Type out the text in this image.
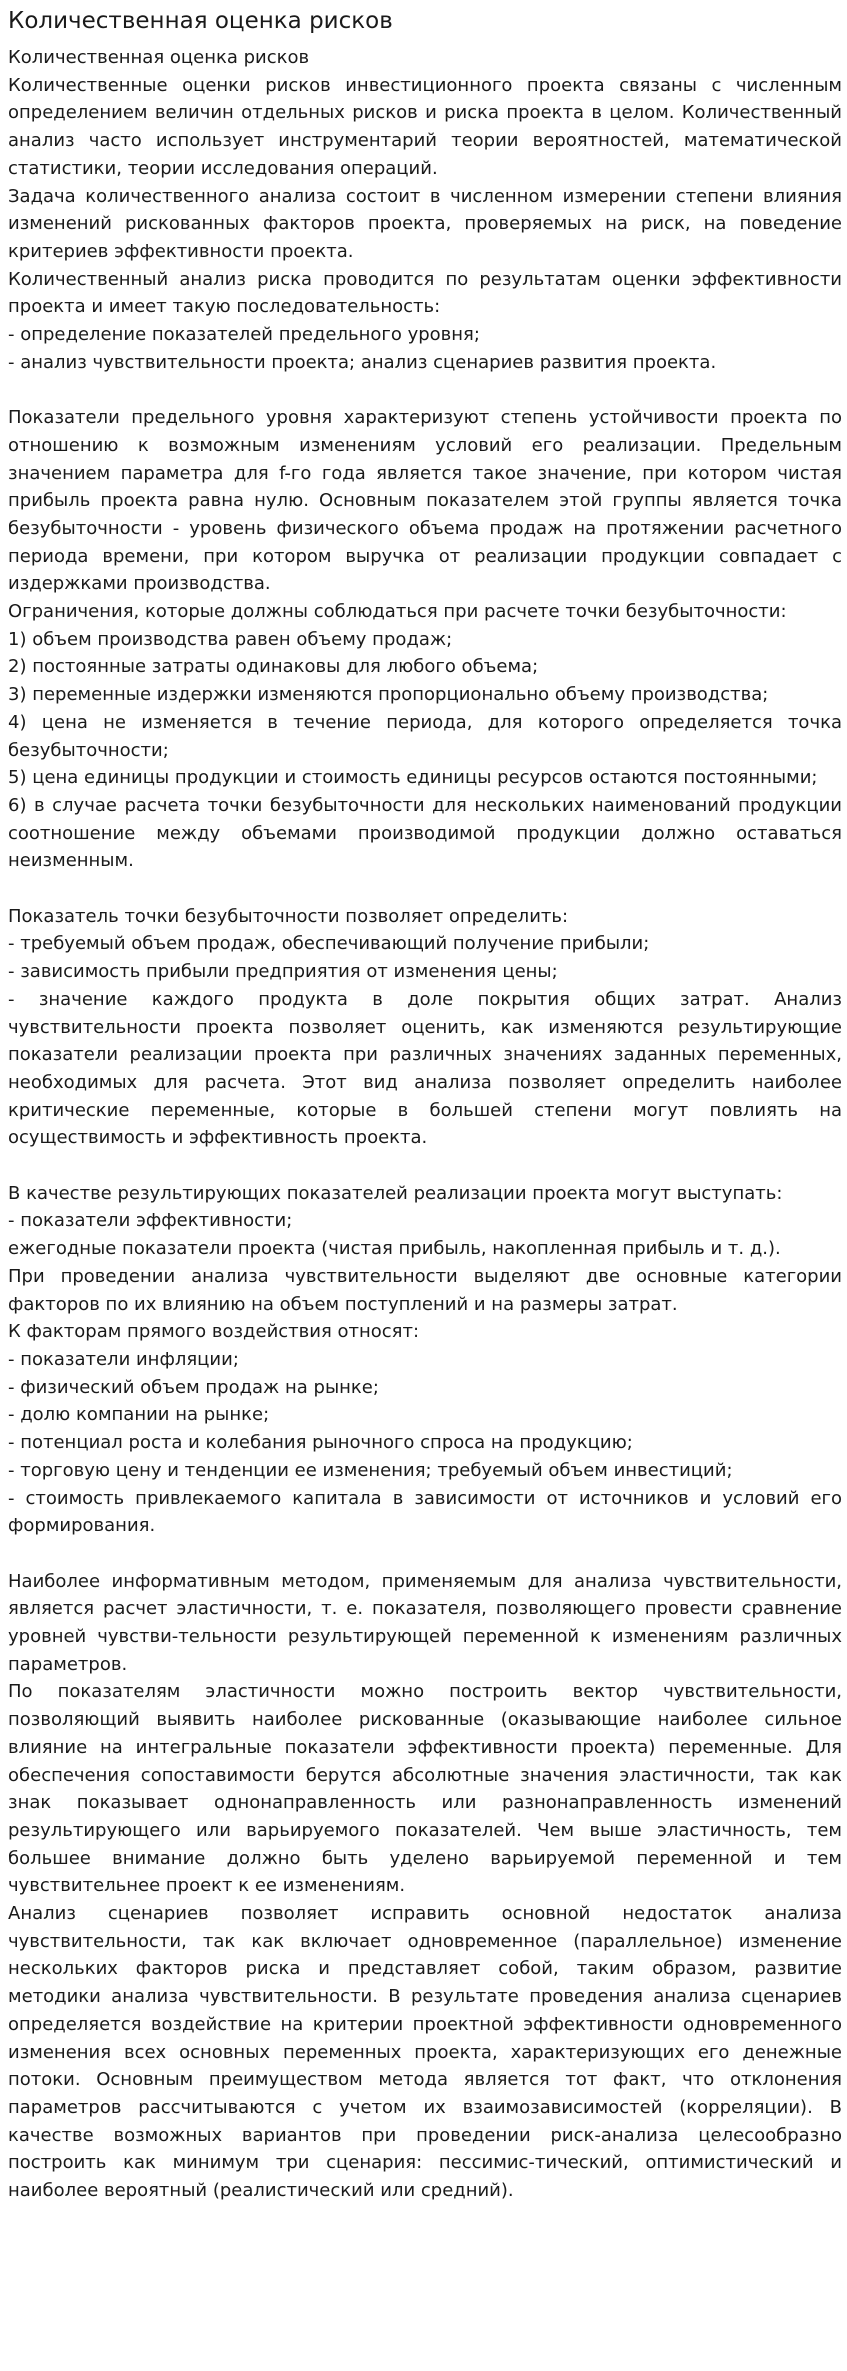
Количественная оценка рисков

Количественная оценка рисков

Количественные оценки рисков инвестиционного проекта связаны с численным определением величин отдельных рисков и риска проекта в целом. Количественный анализ часто использует инструментарий теории вероятностей, математической статистики, теории исследования операций.

Задача количественного анализа состоит в численном измерении степени влияния изменений рискованных факторов проекта, проверяемых на риск, на поведение критериев эффективности проекта.

Количественный анализ риска проводится по результатам оценки эффективности проекта и имеет такую последовательность:

- определение показателей предельного уровня;

- анализ чувствительности проекта; анализ сценариев развития проекта.

Показатели предельного уровня характеризуют степень устойчивости проекта по отношению к возможным изменениям условий его реализации. Предельным значением параметра для f-го года является такое значение, при котором чистая прибыль проекта равна нулю. Основным показателем этой группы является точка безубыточности - уровень физического объема продаж на протяжении расчетного периода времени, при котором выручка от реализации продукции совпадает с издержками производства.

Ограничения, которые должны соблюдаться при расчете точки безубыточности:

1) объем производства равен объему продаж;

2) постоянные затраты одинаковы для любого объема;

3) переменные издержки изменяются пропорционально объему производства;

4) цена не изменяется в течение периода, для которого определяется точка безубыточности;

5) цена единицы продукции и стоимость единицы ресурсов остаются постоянными;

6) в случае расчета точки безубыточности для нескольких наименований продукции соотношение между объемами производимой продукции должно оставаться неизменным.

Показатель точки безубыточности позволяет определить:

- требуемый объем продаж, обеспечивающий получение прибыли;

- зависимость прибыли предприятия от изменения цены;

- значение каждого продукта в доле покрытия общих затрат. Анализ чувствительности проекта позволяет оценить, как изменяются результирующие показатели реализации проекта при различных значениях заданных переменных, необходимых для расчета. Этот вид анализа позволяет определить наиболее критические переменные, которые в большей степени могут повлиять на осуществимость и эффективность проекта.

В качестве результирующих показателей реализации проекта могут выступать:

- показатели эффективности;

ежегодные показатели проекта (чистая прибыль, накопленная прибыль и т. д.).

При проведении анализа чувствительности выделяют две основные категории факторов по их влиянию на объем поступлений и на размеры затрат.

К факторам прямого воздействия относят:

- показатели инфляции;

- физический объем продаж на рынке;

- долю компании на рынке;

- потенциал роста и колебания рыночного спроса на продукцию;

- торговую цену и тенденции ее изменения; требуемый объем инвестиций;

- стоимость привлекаемого капитала в зависимости от источников и условий его формирования.

Наиболее информативным методом, применяемым для анализа чувствительности, является расчет эластичности, т. е. показателя, позволяющего провести сравнение уровней чувстви-тельности результирующей переменной к изменениям различных параметров.

По показателям эластичности можно построить вектор чувствительности, позволяющий выявить наиболее рискованные (оказывающие наиболее сильное влияние на интегральные показатели эффективности проекта) переменные. Для обеспечения сопоставимости берутся абсолютные значения эластичности, так как знак показывает однонаправленность или разнонаправленность изменений результирующего или варьируемого показателей. Чем выше эластичность, тем большее внимание должно быть уделено варьируемой переменной и тем чувствительнее проект к ее изменениям.

Анализ сценариев позволяет исправить основной недостаток анализа чувствительности, так как включает одновременное (параллельное) изменение нескольких факторов риска и представляет собой, таким образом, развитие методики анализа чувствительности. В результате проведения анализа сценариев определяется воздействие на критерии проектной эффективности одновременного изменения всех основных переменных проекта, характеризующих его денежные потоки. Основным преимуществом метода является тот факт, что отклонения параметров рассчитываются с учетом их взаимозависимостей (корреляции). В качестве возможных вариантов при проведении риск-анализа целесообразно построить как минимум три сценария: пессимис-тический, оптимистический и наиболее вероятный (реалистический или средний).
